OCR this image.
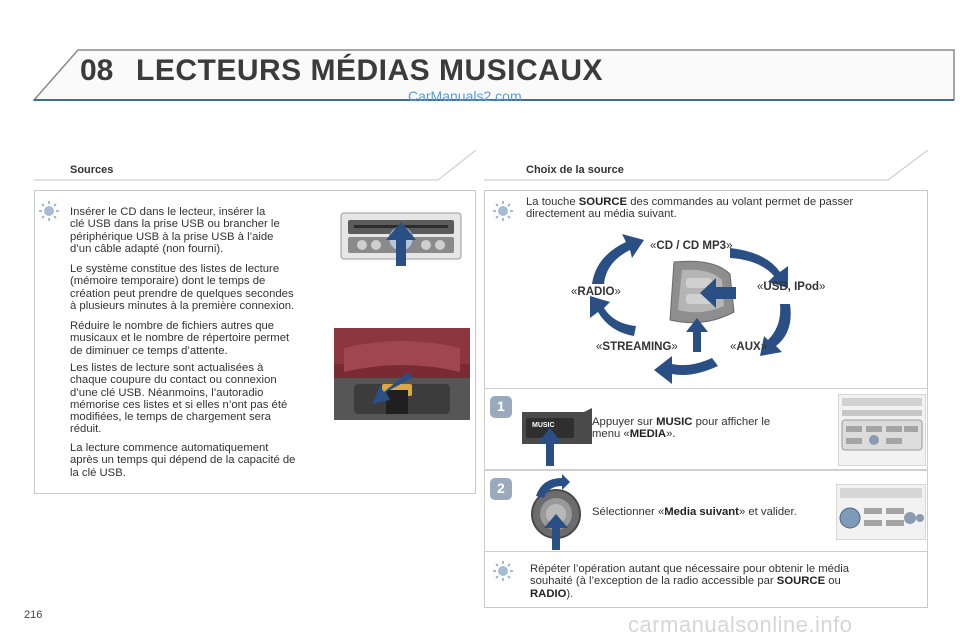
08 LECTEURS MÉDIAS MUSICAUX
CarManuals2.com
Sources
Insérer le CD dans le lecteur, insérer la
clé USB dans la prise USB ou brancher le
périphérique USB à la prise USB à l’aide
d’un câble adapté (non fourni).
Le système constitue des listes de lecture
(mémoire temporaire) dont le temps de
création peut prendre de quelques secondes
à plusieurs minutes à la première connexion.
Réduire le nombre de fichiers autres que
musicaux et le nombre de répertoire permet
de diminuer ce temps d’attente.
Les listes de lecture sont actualisées à
chaque coupure du contact ou connexion
d’une clé USB. Néanmoins, l’autoradio
mémorise ces listes et si elles n’ont pas été
modifiées, le temps de chargement sera
réduit.
La lecture commence automatiquement
après un temps qui dépend de la capacité de
la clé USB.
Choix de la source
La touche SOURCE des commandes au volant permet de passer
directement au média suivant.
«CD / CD MP3»
«USB, IPod»
«AUX»
«STREAMING»
«RADIO»
1
MUSIC	Appuyer sur MUSIC pour afficher le
menu «MEDIA».
2
Sélectionner «Media suivant» et valider.
Répéter l’opération autant que nécessaire pour obtenir le média
souhaité (à l’exception de la radio accessible par SOURCE ou
RADIO).
216	carmanualsonline.info
